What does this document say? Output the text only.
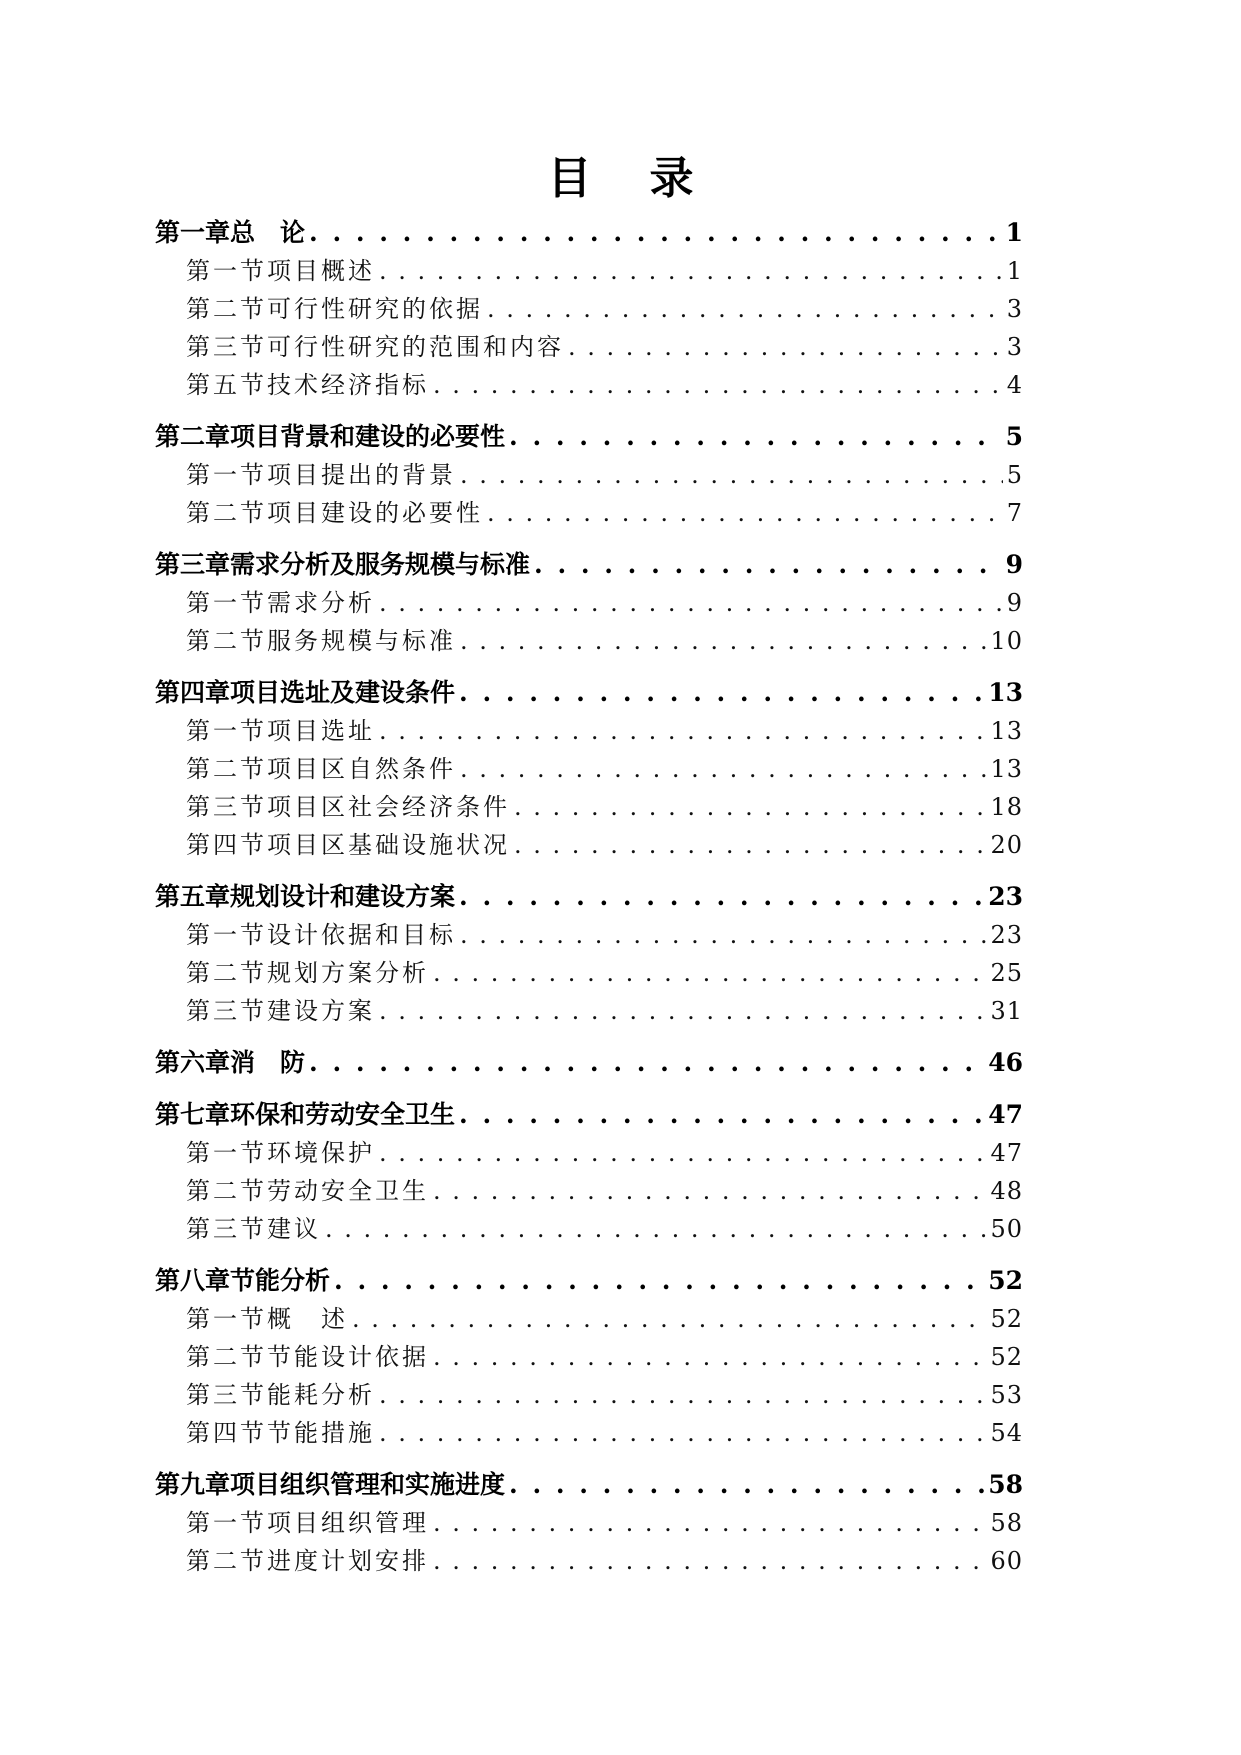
目 录
第一章 总　论 . . .	1
第一节 项目概述 . . .	1
第二节 可行性研究的依据 . . .	3
第三节 可行性研究的范围和内容 . . .	3
第五节 技术经济指标 . . .	4
第二章 项目背景和建设的必要性 . . .	5
第一节 项目提出的背景 . . .	5
第二节 项目建设的必要性 . . .	7
第三章 需求分析及服务规模与标准 . . .	9
第一节 需求分析 . . .	9
第二节 服务规模与标准 . . .	10
第四章 项目选址及建设条件 . . .	13
第一节 项目选址 . . .	13
第二节 项目区自然条件 . . .	13
第三节 项目区社会经济条件 . . .	18
第四节 项目区基础设施状况 . . .	20
第五章 规划设计和建设方案 . . .	23
第一节 设计依据和目标 . . .	23
第二节 规划方案分析 . . .	25
第三节 建设方案 . . .	31
第六章 消　防 . . .	46
第七章 环保和劳动安全卫生 . . .	47
第一节 环境保护 . . .	47
第二节 劳动安全卫生 . . .	48
第三节 建议 . . .	50
第八章 节能分析 . . .	52
第一节 概　述 . . .	52
第二节 节能设计依据 . . .	52
第三节 能耗分析 . . .	53
第四节 节能措施 . . .	54
第九章 项目组织管理和实施进度 . . .	58
第一节 项目组织管理 . . .	58
第二节 进度计划安排 . . .	60
